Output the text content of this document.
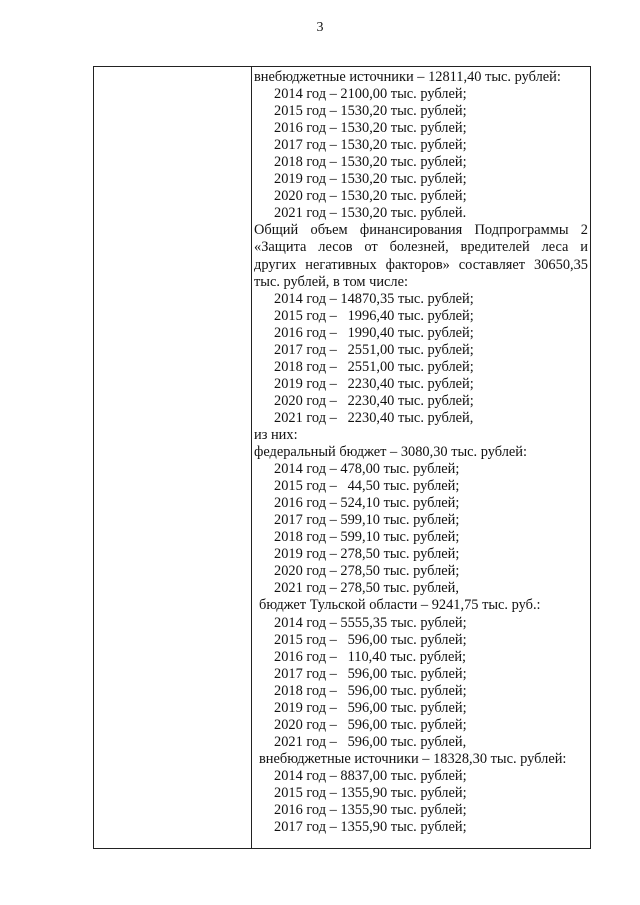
3
внебюджетные источники – 12811,40 тыс. рублей:
2014 год – 2100,00 тыс. рублей;
2015 год – 1530,20 тыс. рублей;
2016 год – 1530,20 тыс. рублей;
2017 год – 1530,20 тыс. рублей;
2018 год – 1530,20 тыс. рублей;
2019 год – 1530,20 тыс. рублей;
2020 год – 1530,20 тыс. рублей;
2021 год – 1530,20 тыс. рублей.
Общий объем финансирования Подпрограммы 2
«Защита лесов от болезней, вредителей леса и
других негативных факторов» составляет 30650,35
тыс. рублей, в том числе:
2014 год – 14870,35 тыс. рублей;
2015 год –   1996,40 тыс. рублей;
2016 год –   1990,40 тыс. рублей;
2017 год –   2551,00 тыс. рублей;
2018 год –   2551,00 тыс. рублей;
2019 год –   2230,40 тыс. рублей;
2020 год –   2230,40 тыс. рублей;
2021 год –   2230,40 тыс. рублей,
из них:
федеральный бюджет – 3080,30 тыс. рублей:
2014 год – 478,00 тыс. рублей;
2015 год –   44,50 тыс. рублей;
2016 год – 524,10 тыс. рублей;
2017 год – 599,10 тыс. рублей;
2018 год – 599,10 тыс. рублей;
2019 год – 278,50 тыс. рублей;
2020 год – 278,50 тыс. рублей;
2021 год – 278,50 тыс. рублей,
бюджет Тульской области – 9241,75 тыс. руб.:
2014 год – 5555,35 тыс. рублей;
2015 год –   596,00 тыс. рублей;
2016 год –   110,40 тыс. рублей;
2017 год –   596,00 тыс. рублей;
2018 год –   596,00 тыс. рублей;
2019 год –   596,00 тыс. рублей;
2020 год –   596,00 тыс. рублей;
2021 год –   596,00 тыс. рублей,
внебюджетные источники – 18328,30 тыс. рублей:
2014 год – 8837,00 тыс. рублей;
2015 год – 1355,90 тыс. рублей;
2016 год – 1355,90 тыс. рублей;
2017 год – 1355,90 тыс. рублей;
